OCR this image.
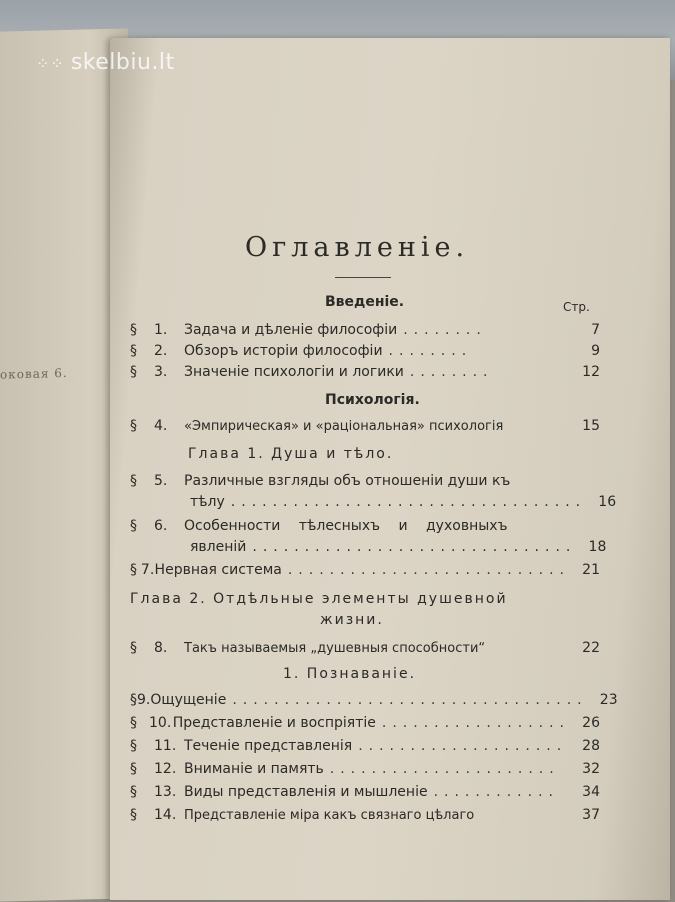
оковая 6.
⁘⁘ skelbiu.lt
Оглавленіе.
Введеніе.	Стр.
§	1.	Задача и дѣленіе философіи ........	7
§	2.	Обзоръ исторіи философіи ........	9
§	3.	Значеніе психологіи и логики ........	12
Психологія.
§	4.	«Эмпирическая» и «раціональная» психологія	15
Глава 1. Душа и тѣло.
§	5.	Различные взгляды объ отношеніи души къ
тѣлу .................................. 16
§	6.	Особенности тѣлесныхъ и духовныхъ
явленій ............................... 18
§ 7. Нервная система ........................... 21
Глава 2. Отдѣльные элементы душевной
жизни.
§	8.	Такъ называемыя „душевныя способности“	22
1. Познаваніе.
§ 9. Ощущеніе .................................. 23
§ 10. Представленіе и воспріятіе .................. 26
§	11. Теченіе представленія ....................	28
§	12. Вниманіе и память ......................	32
§	13. Виды представленія и мышленіе ............	34
§	14. Представленіе міра какъ связнаго цѣлаго	37
